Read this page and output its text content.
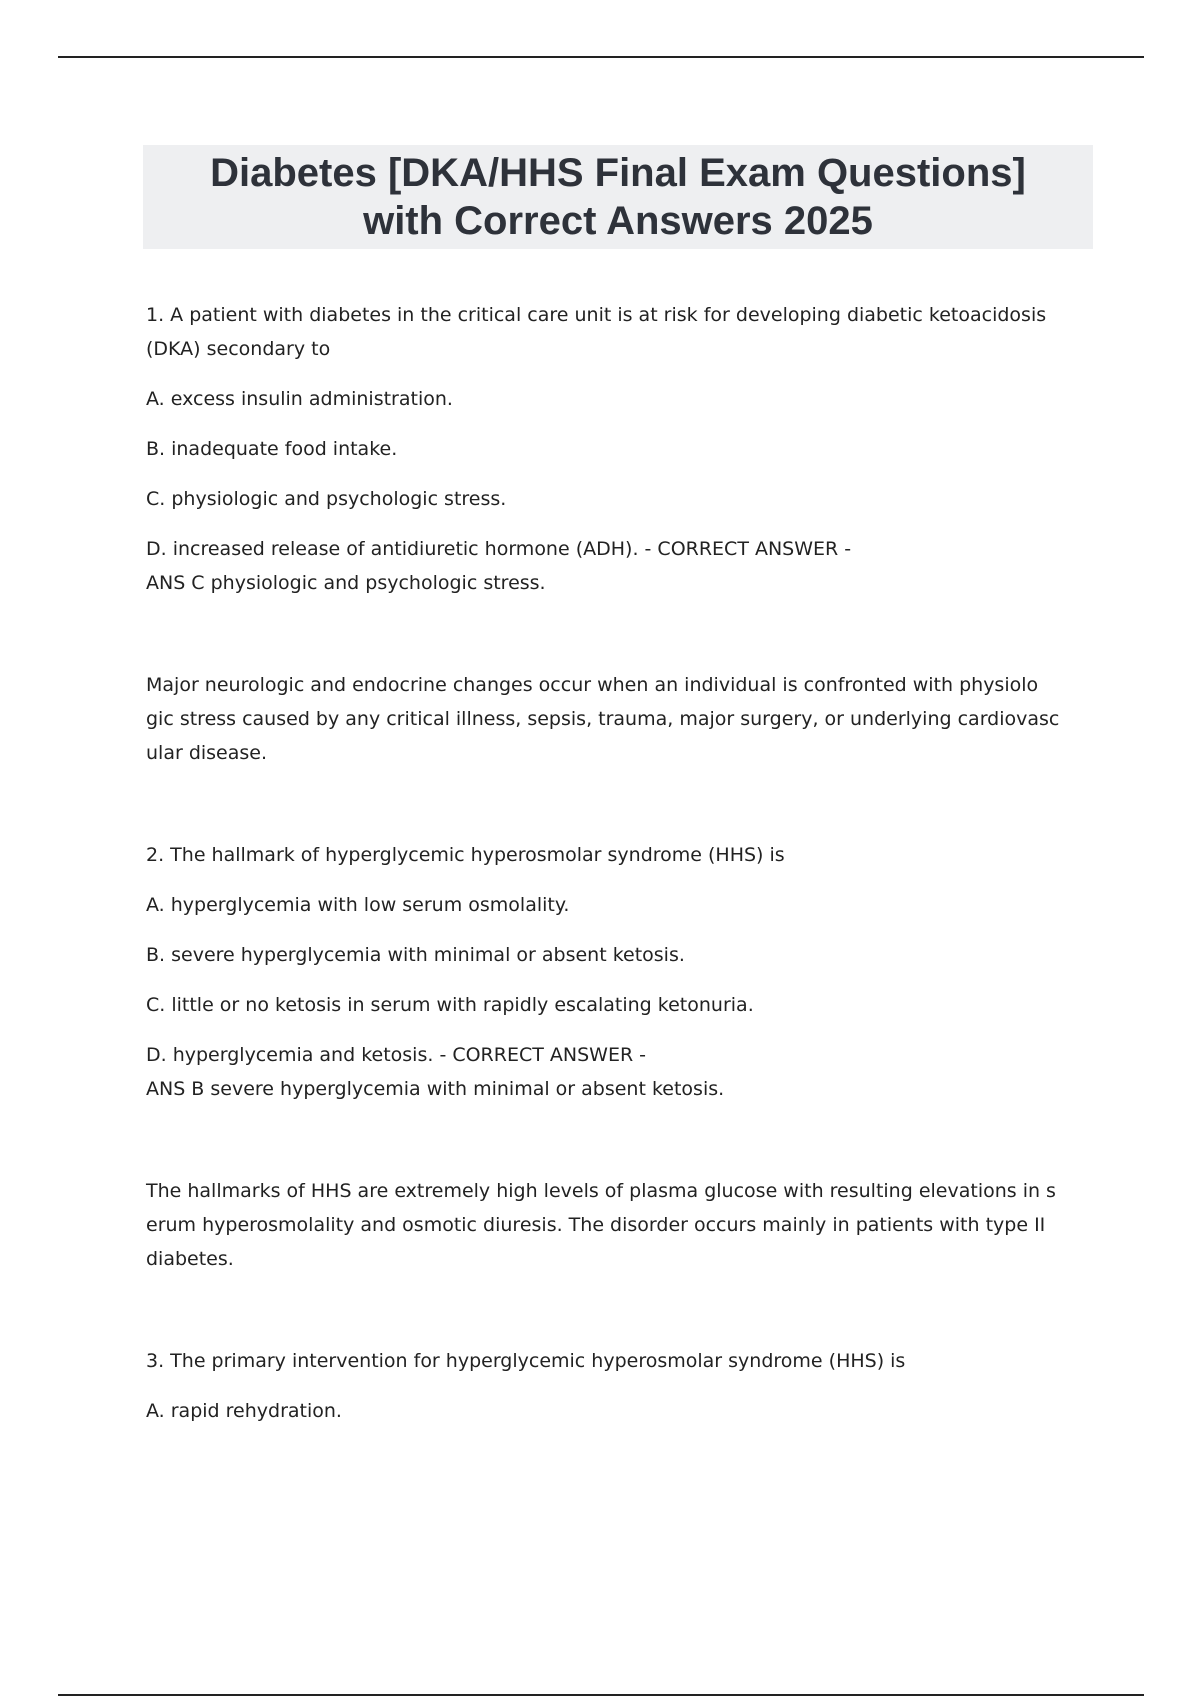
Diabetes [DKA/HHS Final Exam Questions]
with Correct Answers 2025

1. A patient with diabetes in the critical care unit is at risk for developing diabetic ketoacidosis
(DKA) secondary to

A. excess insulin administration.

B. inadequate food intake.

C. physiologic and psychologic stress.

D. increased release of antidiuretic hormone (ADH). - CORRECT ANSWER -
ANS C physiologic and psychologic stress.

Major neurologic and endocrine changes occur when an individual is confronted with physiolo
gic stress caused by any critical illness, sepsis, trauma, major surgery, or underlying cardiovasc
ular disease.

2. The hallmark of hyperglycemic hyperosmolar syndrome (HHS) is

A. hyperglycemia with low serum osmolality.

B. severe hyperglycemia with minimal or absent ketosis.

C. little or no ketosis in serum with rapidly escalating ketonuria.

D. hyperglycemia and ketosis. - CORRECT ANSWER -
ANS B severe hyperglycemia with minimal or absent ketosis.

The hallmarks of HHS are extremely high levels of plasma glucose with resulting elevations in s
erum hyperosmolality and osmotic diuresis. The disorder occurs mainly in patients with type II
diabetes.

3. The primary intervention for hyperglycemic hyperosmolar syndrome (HHS) is

A. rapid rehydration.
